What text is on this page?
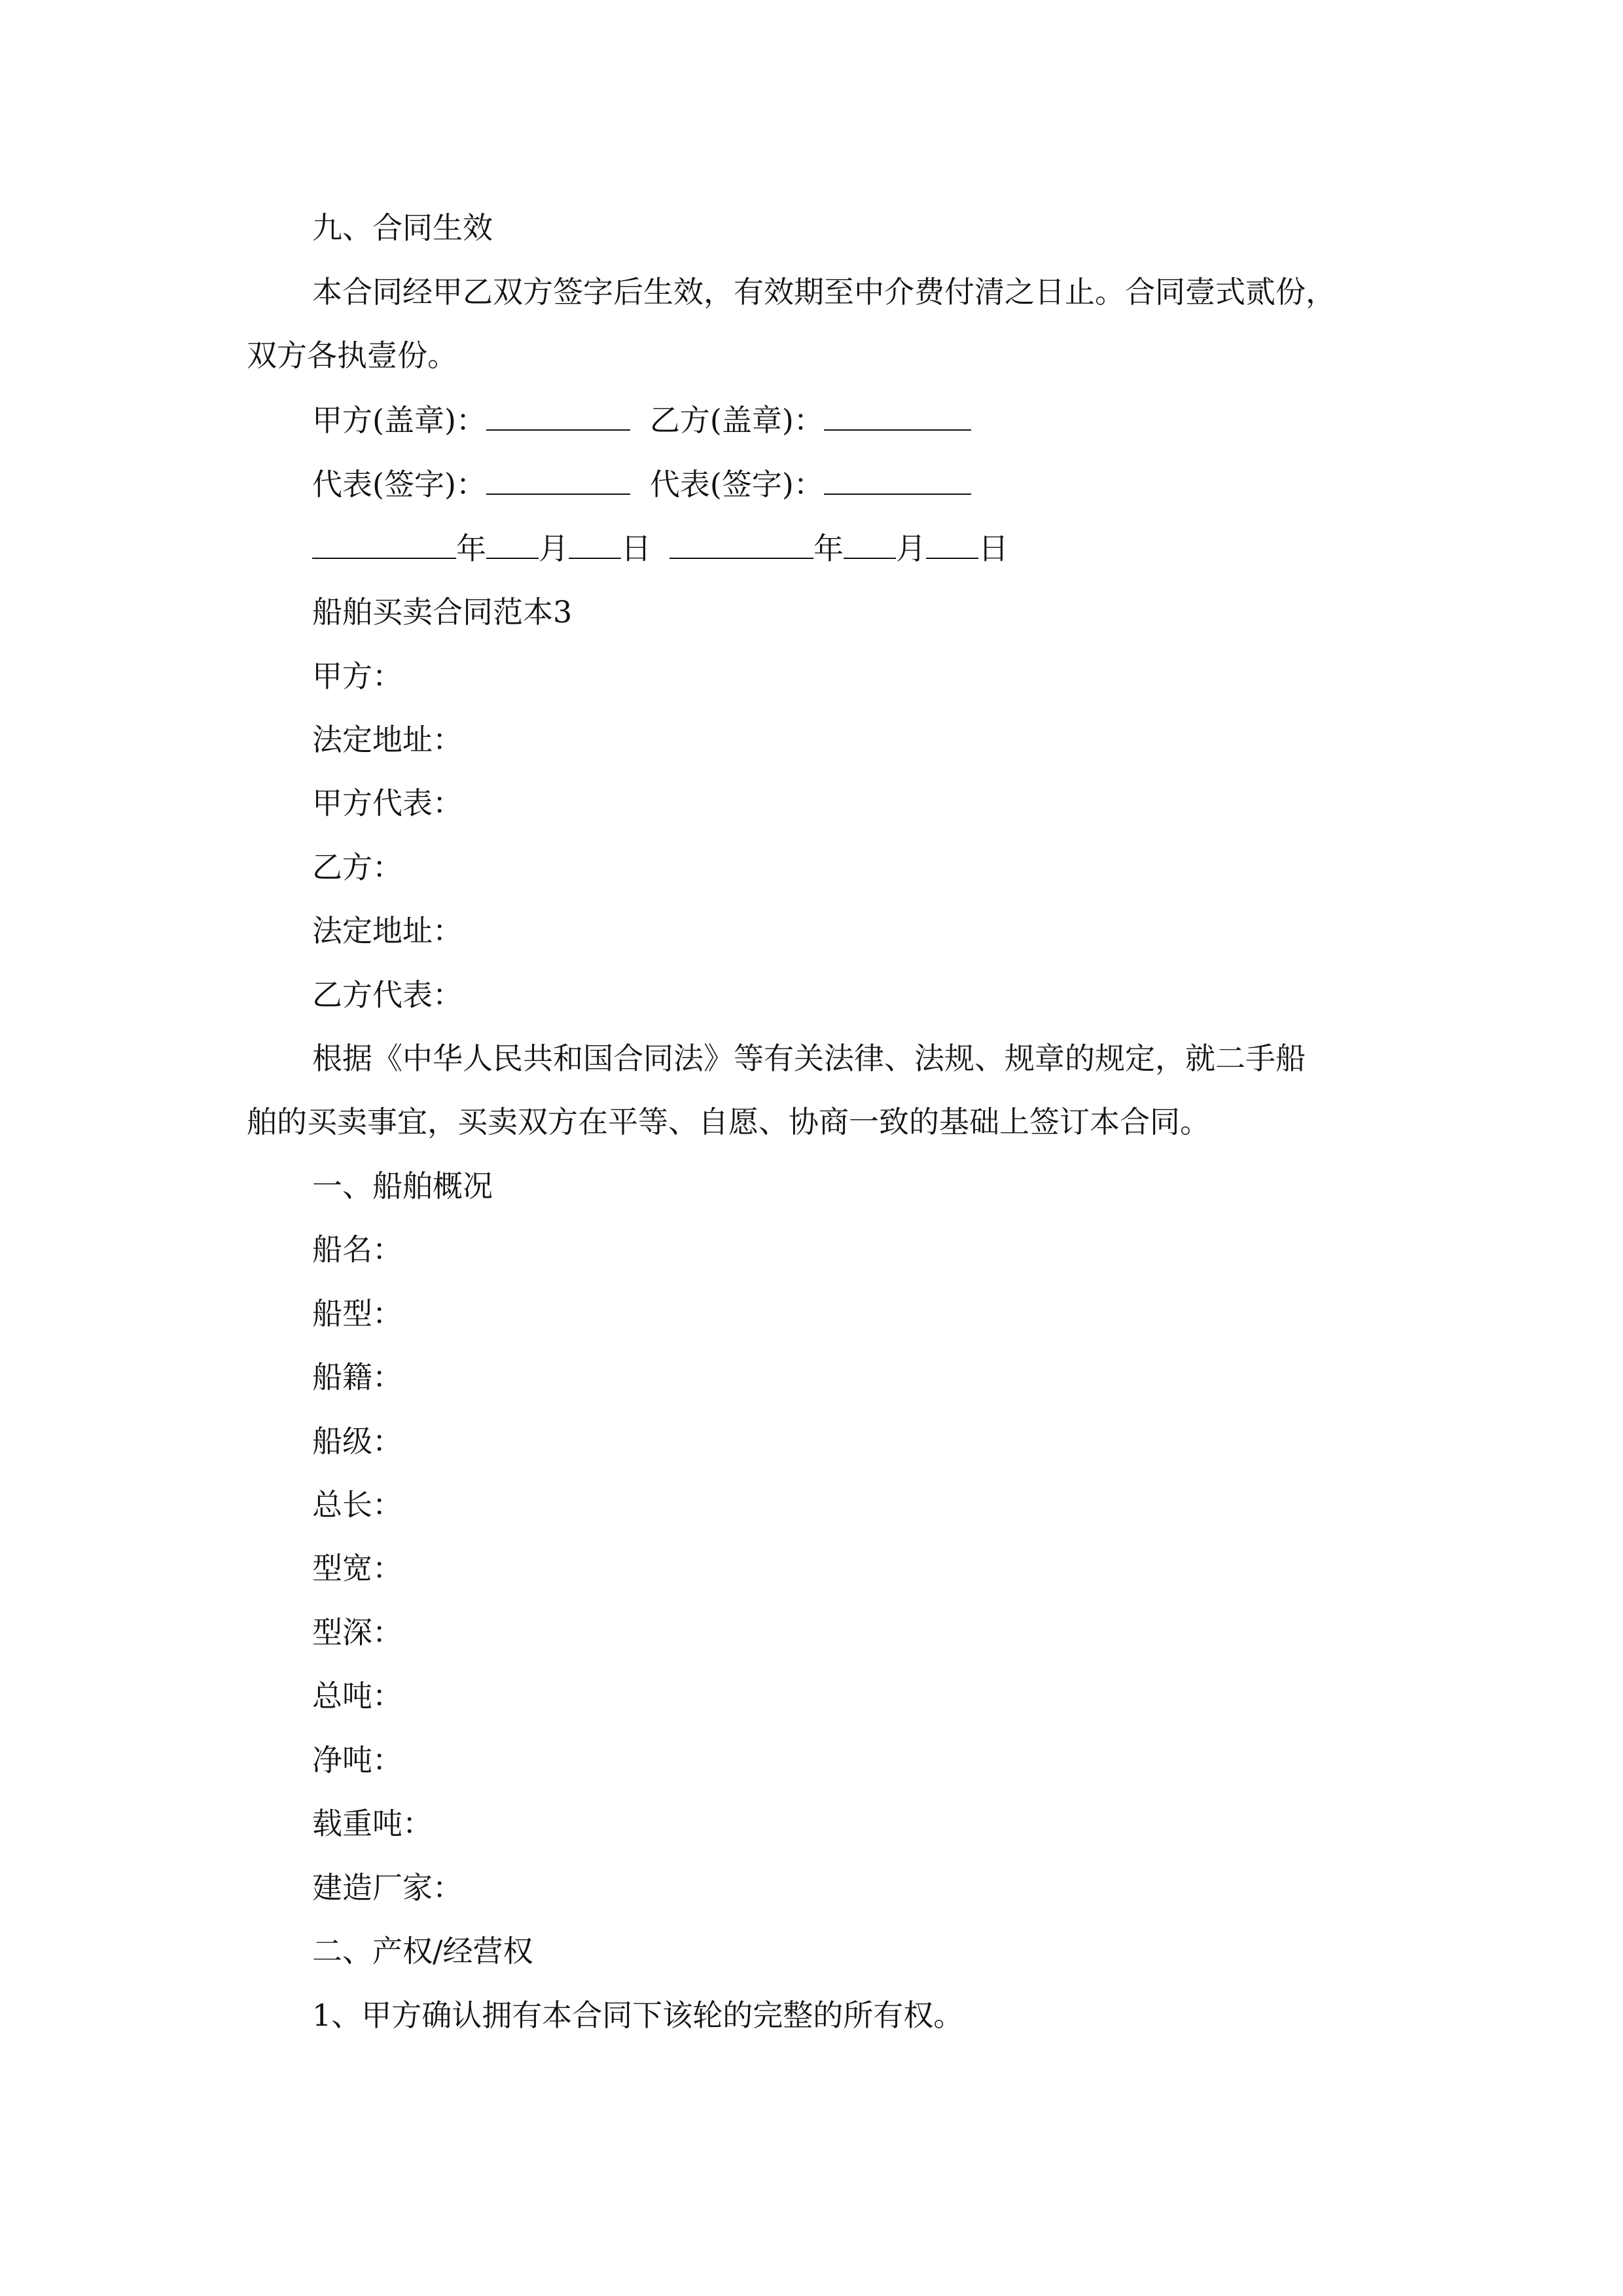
九、合同生效
本合同经甲乙双方签字后生效，有效期至中介费付清之日止。合同壹式贰份，
双方各执壹份。
甲方(盖章)：	乙方(盖章)：
代表(签字)：	代表(签字)：
年 月 日	年 月 日
船舶买卖合同范本3
甲方：
法定地址：
甲方代表：
乙方：
法定地址：
乙方代表：
根据《中华人民共和国合同法》等有关法律、法规、规章的规定，就二手船
舶的买卖事宜，买卖双方在平等、自愿、协商一致的基础上签订本合同。
一、船舶概况
船名：
船型：
船籍：
船级：
总长：
型宽：
型深：
总吨：
净吨：
载重吨：
建造厂家：
二、产权/经营权
1、甲方确认拥有本合同下该轮的完整的所有权。
